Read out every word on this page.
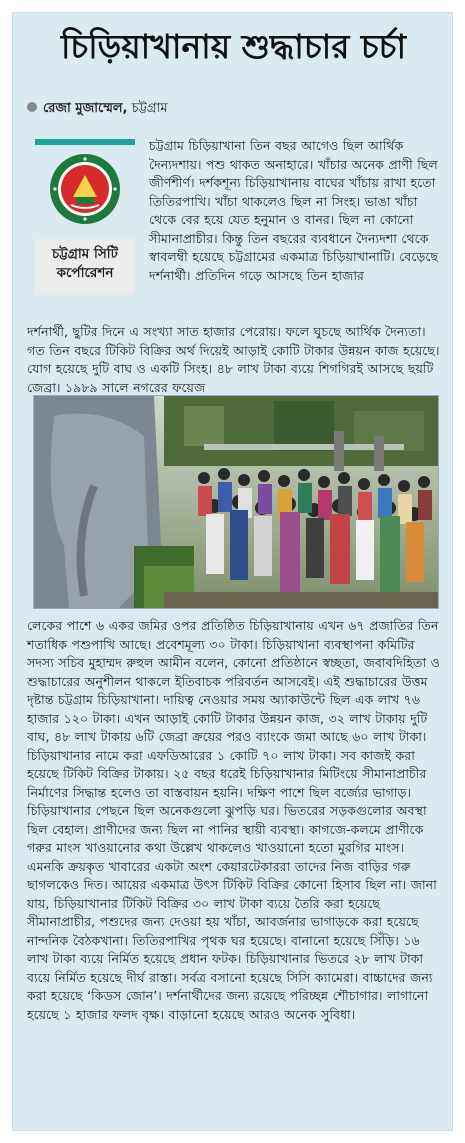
চিড়িয়াখানায় শুদ্ধাচার চর্চা
রেজা মুজাম্মেল, চট্টগ্রাম
চট্টগ্রাম সিটি কর্পোরেশন

চট্টগ্রাম চিড়িয়াখানা তিন বছর আগেও ছিল আর্থিক দৈন্যদশায়। পশু থাকত অনাহারে। খাঁচার অনেক প্রাণী ছিল জীর্ণশীর্ণ। দর্শকশূন্য চিড়িয়াখানায় বাঘের খাঁচায় রাখা হতো তিতিরপাখি। খাঁচা থাকলেও ছিল না সিংহ। ভাঙা খাঁচা থেকে বের হয়ে যেত হনুমান ও বানর। ছিল না কোনো সীমানাপ্রাচীর। কিন্তু তিন বছরের ব্যবধানে দৈন্যদশা থেকে স্বাবলম্বী হয়েছে চট্টগ্রামের একমাত্র চিড়িয়াখানাটি। বেড়েছে দর্শনার্থী। প্রতিদিন গড়ে আসছে তিন হাজার

দর্শনার্থী, ছুটির দিনে এ সংখ্যা সাত হাজার পেরোয়। ফলে ঘুচছে আর্থিক দৈন্যতা। গত তিন বছরে টিকিট বিক্রির অর্থ দিয়েই আড়াই কোটি টাকার উন্নয়ন কাজ হয়েছে। যোগ হয়েছে দুটি বাঘ ও একটি সিংহ। ৪৮ লাখ টাকা ব্যয়ে শিগগিরই আসছে ছয়টি জেব্রা। ১৯৮৯ সালে নগরের ফয়েজ

লেকের পাশে ৬ একর জমির ওপর প্রতিষ্ঠিত চিড়িয়াখানায় এখন ৬৭ প্রজাতির তিন শতাধিক পশুপাখি আছে। প্রবেশমূল্য ৩০ টাকা। চিড়িয়াখানা ব্যবস্থাপনা কমিটির সদস্য সচিব মুহাম্মদ রুহুল আমীন বলেন, কোনো প্রতিষ্ঠানে স্বচ্ছতা, জবাবদিহিতা ও শুদ্ধাচারের অনুশীলন থাকলে ইতিবাচক পরিবর্তন আসবেই। এই শুদ্ধাচারের উত্তম দৃষ্টান্ত চট্টগ্রাম চিড়িয়াখানা। দায়িত্ব নেওয়ার সময় অ্যাকাউন্টে ছিল এক লাখ ৭৬ হাজার ১২০ টাকা। এখন আড়াই কোটি টাকার উন্নয়ন কাজ, ৩২ লাখ টাকায় দুটি বাঘ, ৪৮ লাখ টাকায় ৬টি জেব্রা ক্রয়ের পরও ব্যাংকে জমা আছে ৬০ লাখ টাকা। চিড়িয়াখানার নামে করা এফডিআরের ১ কোটি ৭০ লাখ টাকা। সব কাজই করা হয়েছে টিকিট বিক্রির টাকায়। ২৫ বছর ধরেই চিড়িয়াখানার মিটিংয়ে সীমানাপ্রাচীর নির্মাণের সিদ্ধান্ত হলেও তা বাস্তবায়ন হয়নি। দক্ষিণ পাশে ছিল বর্জ্যের ভাগাড়। চিড়িয়াখানার পেছনে ছিল অনেকগুলো ঝুপড়ি ঘর। ভিতরের সড়কগুলোর অবস্থা ছিল বেহাল। প্রাণীদের জন্য ছিল না পানির স্থায়ী ব্যবস্থা। কাগজে-কলমে প্রাণীকে গরুর মাংস খাওয়ানোর কথা উল্লেখ থাকলেও খাওয়ানো হতো মুরগির মাংস। এমনকি ক্রয়কৃত খাবারের একটা অংশ কেয়ারটেকাররা তাদের নিজ বাড়ির গরু ছাগলকেও দিত। আয়ের একমাত্র উৎস টিকিট বিক্রির কোনো হিসাব ছিল না। জানা যায়, চিড়িয়াখানার টিকিট বিক্রির ৩০ লাখ টাকা ব্যয়ে তৈরি করা হয়েছে সীমানাপ্রাচীর, পশুদের জন্য দেওয়া হয় খাঁচা, আবর্জনার ভাগাড়কে করা হয়েছে নান্দনিক বৈঠকখানা। তিতিরপাখির পৃথক ঘর হয়েছে। বানানো হয়েছে সিঁড়ি। ১৬ লাখ টাকা ব্যয়ে নির্মিত হয়েছে প্রধান ফটক। চিড়িয়াখানার ভিতরে ২৮ লাখ টাকা ব্যয়ে নির্মিত হয়েছে দীর্ঘ রাস্তা। সর্বত্র বসানো হয়েছে সিসি ক্যামেরা। বাচ্চাদের জন্য করা হয়েছে ‘কিডস জোন’। দর্শনার্থীদের জন্য রয়েছে পরিচ্ছন্ন শৌচাগার। লাগানো হয়েছে ১ হাজার ফলদ বৃক্ষ। বাড়ানো হয়েছে আরও অনেক সুবিধা।
